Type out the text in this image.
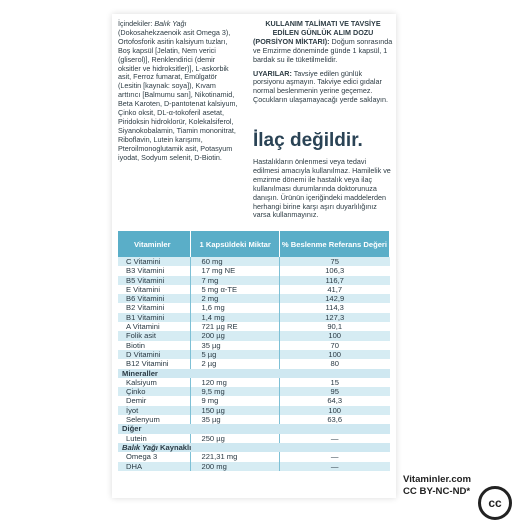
İçindekiler: Balık Yağı (Dokosahekzaenoik asit Omega 3), Ortofosforik asitin kalsiyum tuzları, Boş kapsül [Jelatin, Nem verici (gliserol)], Renklendirici (demir oksitler ve hidroksitler)], L-askorbik asit, Ferroz fumarat, Emülgatör (Lesitin [kaynak: soya]), Kıvam arttırıcı [Balmumu sarı], Nikotinamid, Beta Karoten, D-pantotenat kalsiyum, Çinko oksit, DL-α-tokoferil asetat, Piridoksin hidroklorür, Kolekalsiferol, Siyanokobalamin, Tiamin mononitrat, Riboflavin, Lutein karışımı, Pteroilmonoglutamik asit, Potasyum iyodat, Sodyum selenit, D-Biotin.
KULLANIM TALİMATI VE TAVSİYE
EDİLEN GÜNLÜK ALIM DOZU
(PORSİYON MİKTARI): Doğum sonrasında ve Emzirme döneminde günde 1 kapsül, 1 bardak su ile tüketilmelidir.
UYARILAR: Tavsiye edilen günlük porsiyonu aşmayın. Takviye edici gıdalar normal beslenmenin yerine geçemez. Çocukların ulaşamayacağı yerde saklayın.
İlaç değildir.
Hastalıkların önlenmesi veya tedavi edilmesi amacıyla kullanılmaz. Hamilelik ve emzirme dönemi ile hastalık veya ilaç kullanılması durumlarında doktorunuza danışın. Ürünün içeriğindeki maddelerden herhangi birine karşı aşırı duyarlılığınız varsa kullanmayınız.
Vitaminler	1 Kapsüldeki Miktar	% Beslenme Referans Değeri
C Vitamini	60 mg	75
B3 Vitamini	17 mg NE	106,3
B5 Vitamini	7 mg	116,7
E Vitamini	5 mg α-TE	41,7
B6 Vitamini	2 mg	142,9
B2 Vitamini	1,6 mg	114,3
B1 Vitamini	1,4 mg	127,3
A Vitamini	721 µg RE	90,1
Folik asit	200 µg	100
Biotin	35 µg	70
D Vitamini	5 µg	100
B12 Vitamini	2 µg	80
Mineraller		
Kalsiyum	120 mg	15
Çinko	9,5 mg	95
Demir	9 mg	64,3
İyot	150 µg	100
Selenyum	35 µg	63,6
Diğer		
Lutein	250 µg	—
Balık Yağı Kaynaklı		
Omega 3	221,31 mg	—
DHA	200 mg	—
cc
Vitaminler.com
CC BY-NC-ND*
